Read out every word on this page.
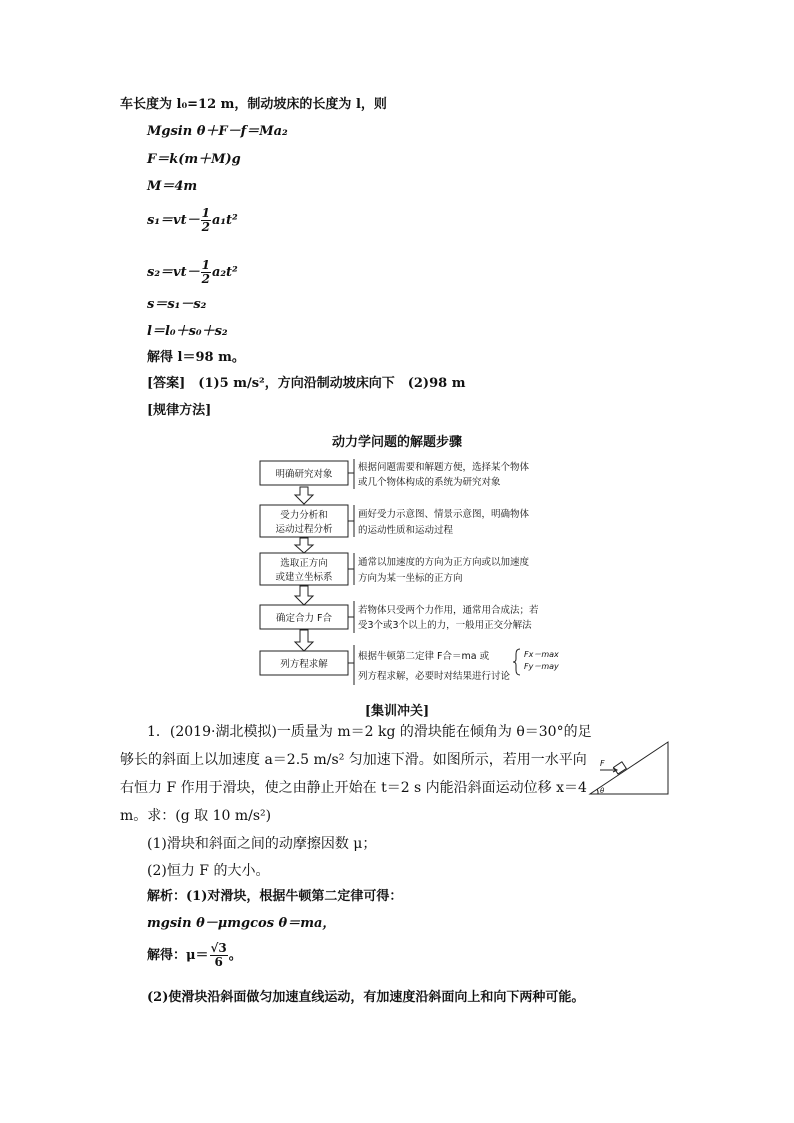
车长度为 l₀=12 m，制动坡床的长度为 l，则
Mgsin θ＋F－f＝Ma₂
F＝k(m＋M)g
M＝4m
$s_1=vt- \frac{1}{2} a_1t^2$
$s_2=vt- \frac{1}{2} a_2t^2$
s＝s₁－s₂
l＝l₀＋s₀＋s₂
解得 l＝98 m。
[答案]　(1)5 m/s²，方向沿制动坡床向下　(2)98 m
[规律方法]
动力学问题的解题步骤
明确研究对象
受力分析和
运动过程分析
选取正方向
或建立坐标系
确定合力 F合
列方程求解
根据问题需要和解题方便，选择某个物体
或几个物体构成的系统为研究对象
画好受力示意图、情景示意图，明确物体
的运动性质和运动过程
通常以加速度的方向为正方向或以加速度
方向为某一坐标的正方向
若物体只受两个力作用，通常用合成法；若
受3个或3个以上的力，一般用正交分解法
根据牛顿第二定律 F合＝ma 或
列方程求解，必要时对结果进行讨论
Fx＝max
Fy＝may
[集训冲关]
1．(2019·湖北模拟)一质量为 m＝2 kg 的滑块能在倾角为 θ＝30°的足
够长的斜面上以加速度 a＝2.5 m/s² 匀加速下滑。如图所示，若用一水平向
右恒力 F 作用于滑块，使之由静止开始在 t＝2 s 内能沿斜面运动位移 x＝4
m。求：(g 取 10 m/s²)
(1)滑块和斜面之间的动摩擦因数 μ；
(2)恒力 F 的大小。
F
θ
解析：(1)对滑块，根据牛顿第二定律可得：
mgsin θ－μmgcos θ＝ma，
解得：$\mu= \frac{√3}{6}$ 。
(2)使滑块沿斜面做匀加速直线运动，有加速度沿斜面向上和向下两种可能。
